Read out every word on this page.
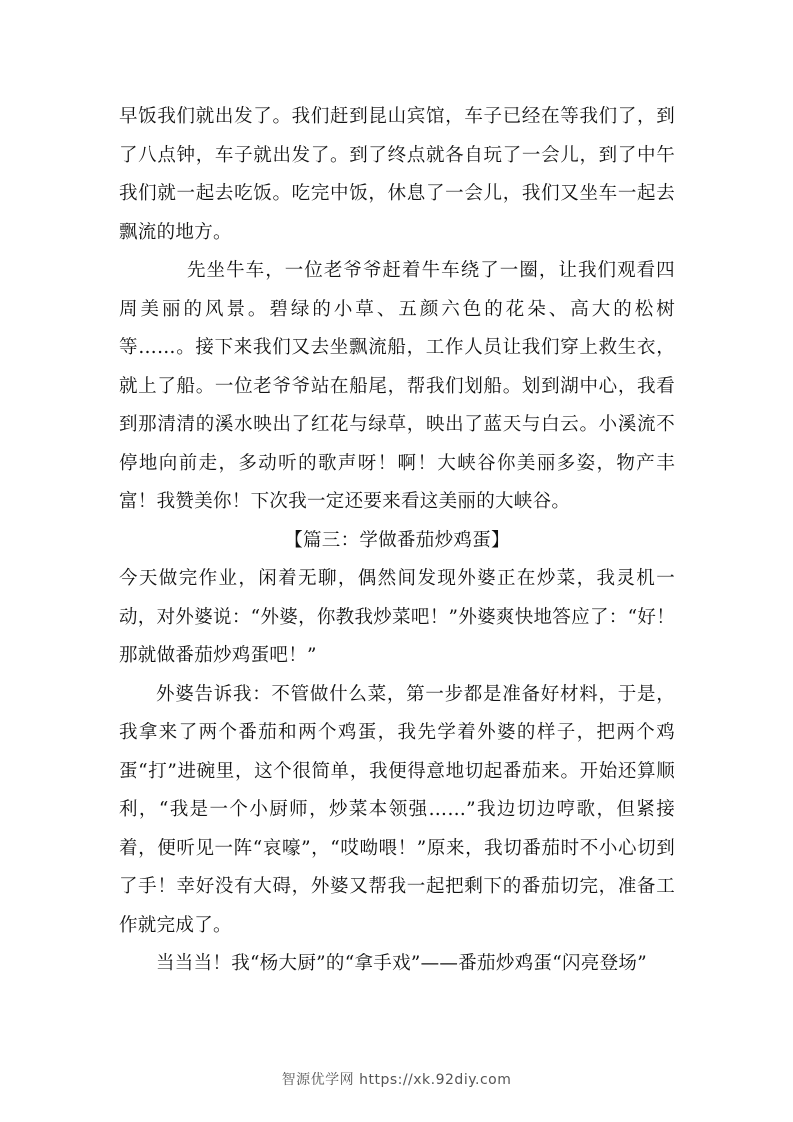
早饭我们就出发了。我们赶到昆山宾馆，车子已经在等我们了，到了八点钟，车子就出发了。到了终点就各自玩了一会儿，到了中午我们就一起去吃饭。吃完中饭，休息了一会儿，我们又坐车一起去飘流的地方。

先坐牛车，一位老爷爷赶着牛车绕了一圈，让我们观看四周美丽的风景。碧绿的小草、五颜六色的花朵、高大的松树等……。接下来我们又去坐飘流船，工作人员让我们穿上救生衣，就上了船。一位老爷爷站在船尾，帮我们划船。划到湖中心，我看到那清清的溪水映出了红花与绿草，映出了蓝天与白云。小溪流不停地向前走，多动听的歌声呀！啊！大峡谷你美丽多姿，物产丰富！我赞美你！下次我一定还要来看这美丽的大峡谷。

【篇三：学做番茄炒鸡蛋】

今天做完作业，闲着无聊，偶然间发现外婆正在炒菜，我灵机一动，对外婆说：“外婆，你教我炒菜吧！”外婆爽快地答应了：“好！那就做番茄炒鸡蛋吧！”

外婆告诉我：不管做什么菜，第一步都是准备好材料，于是，我拿来了两个番茄和两个鸡蛋，我先学着外婆的样子，把两个鸡蛋“打”进碗里，这个很简单，我便得意地切起番茄来。开始还算顺利，“我是一个小厨师，炒菜本领强……”我边切边哼歌，但紧接着，便听见一阵“哀嚎”，“哎呦喂！”原来，我切番茄时不小心切到了手！幸好没有大碍，外婆又帮我一起把剩下的番茄切完，准备工作就完成了。

当当当！我“杨大厨”的“拿手戏”——番茄炒鸡蛋“闪亮登场”

智源优学网 https://xk.92diy.com
